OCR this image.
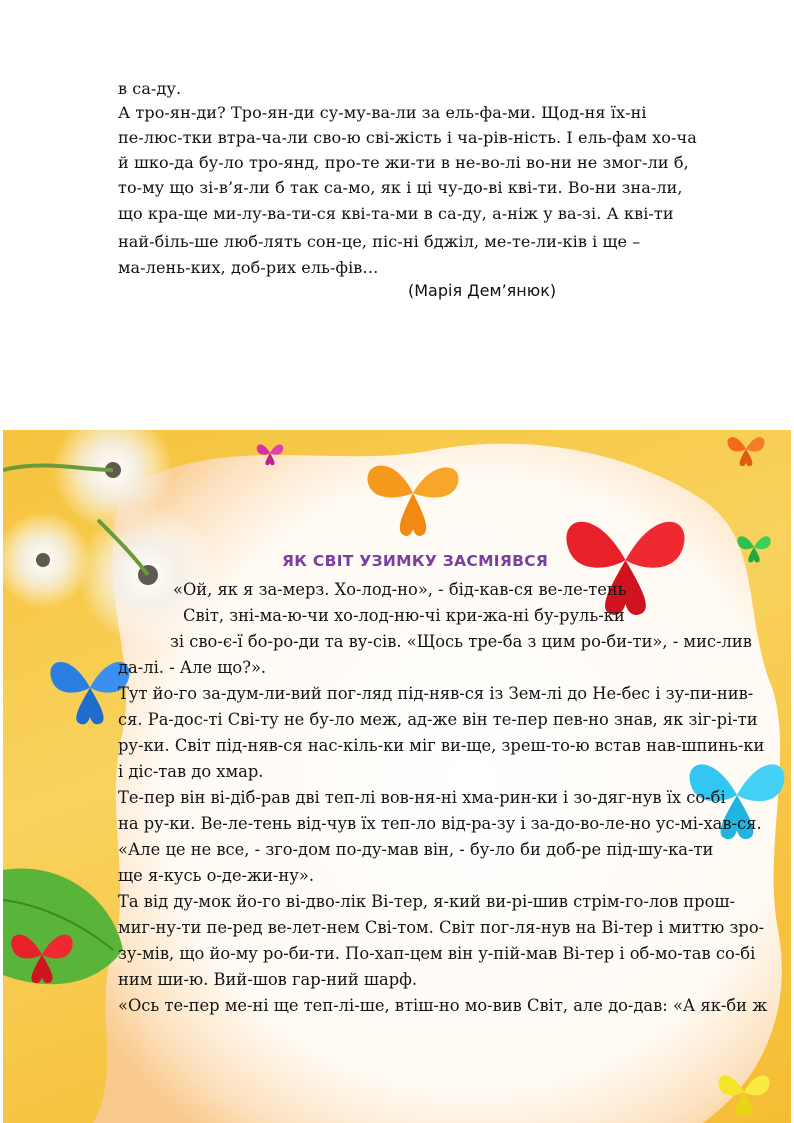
в са-ду.
А тро-ян-ди? Тро-ян-ди су-му-ва-ли за ель-фа-ми. Щод-ня їх-ні
пе-люс-тки втра-ча-ли сво-ю сві-жість і ча-рів-ність. І ель-фам хо-ча
й шко-да бу-ло тро-янд, про-те жи-ти в не-во-лі во-ни не змог-ли б,
то-му що зі-в’я-ли б так са-мо, як і ці чу-до-ві кві-ти. Во-ни зна-ли,
що кра-ще ми-лу-ва-ти-ся кві-та-ми в са-ду, а-ніж у ва-зі. А кві-ти
най-біль-ше люб-лять сон-це, піс-ні бджіл, ме-те-ли-ків і ще –
ма-лень-ких, доб-рих ель-фів…
(Марія Дем’янюк)
ЯК СВІТ УЗИМКУ ЗАСМІЯВСЯ
«Ой, як я за-мерз. Хо-лод-но», - бід-кав-ся ве-ле-тень
Світ, зні-ма-ю-чи хо-лод-ню-чі кри-жа-ні бу-руль-ки
зі сво-є-ї бо-ро-ди та ву-сів. «Щось тре-ба з цим ро-би-ти», - мис-лив
да-лі. - Але що?».
Тут йо-го за-дум-ли-вий пог-ляд під-няв-ся із Зем-лі до Не-бес і зу-пи-нив-
ся. Ра-дос-ті Сві-ту не бу-ло меж, ад-же він те-пер пев-но знав, як зіг-рі-ти
ру-ки. Світ під-няв-ся нас-кіль-ки міг ви-ще, зреш-то-ю встав нав-шпинь-ки
і діс-тав до хмар.
Те-пер він ві-діб-рав дві теп-лі вов-ня-ні хма-рин-ки і зо-дяг-нув їх со-бі
на ру-ки. Ве-ле-тень від-чув їх теп-ло від-ра-зу і за-до-во-ле-но ус-мі-хав-ся.
«Але це не все, - зго-дом по-ду-мав він, - бу-ло би доб-ре під-шу-ка-ти
ще я-кусь о-де-жи-ну».
Та від ду-мок йо-го ві-дво-лік Ві-тер, я-кий ви-рі-шив стрім-го-лов прош-
миг-ну-ти пе-ред ве-лет-нем Сві-том. Світ пог-ля-нув на Ві-тер і миттю зро-
зу-мів, що йо-му ро-би-ти. По-хап-цем він у-пій-мав Ві-тер і об-мо-тав со-бі
ним ши-ю. Вий-шов гар-ний шарф.
«Ось те-пер ме-ні ще теп-лі-ше, втіш-но мо-вив Світ, але до-дав: «А як-би ж
